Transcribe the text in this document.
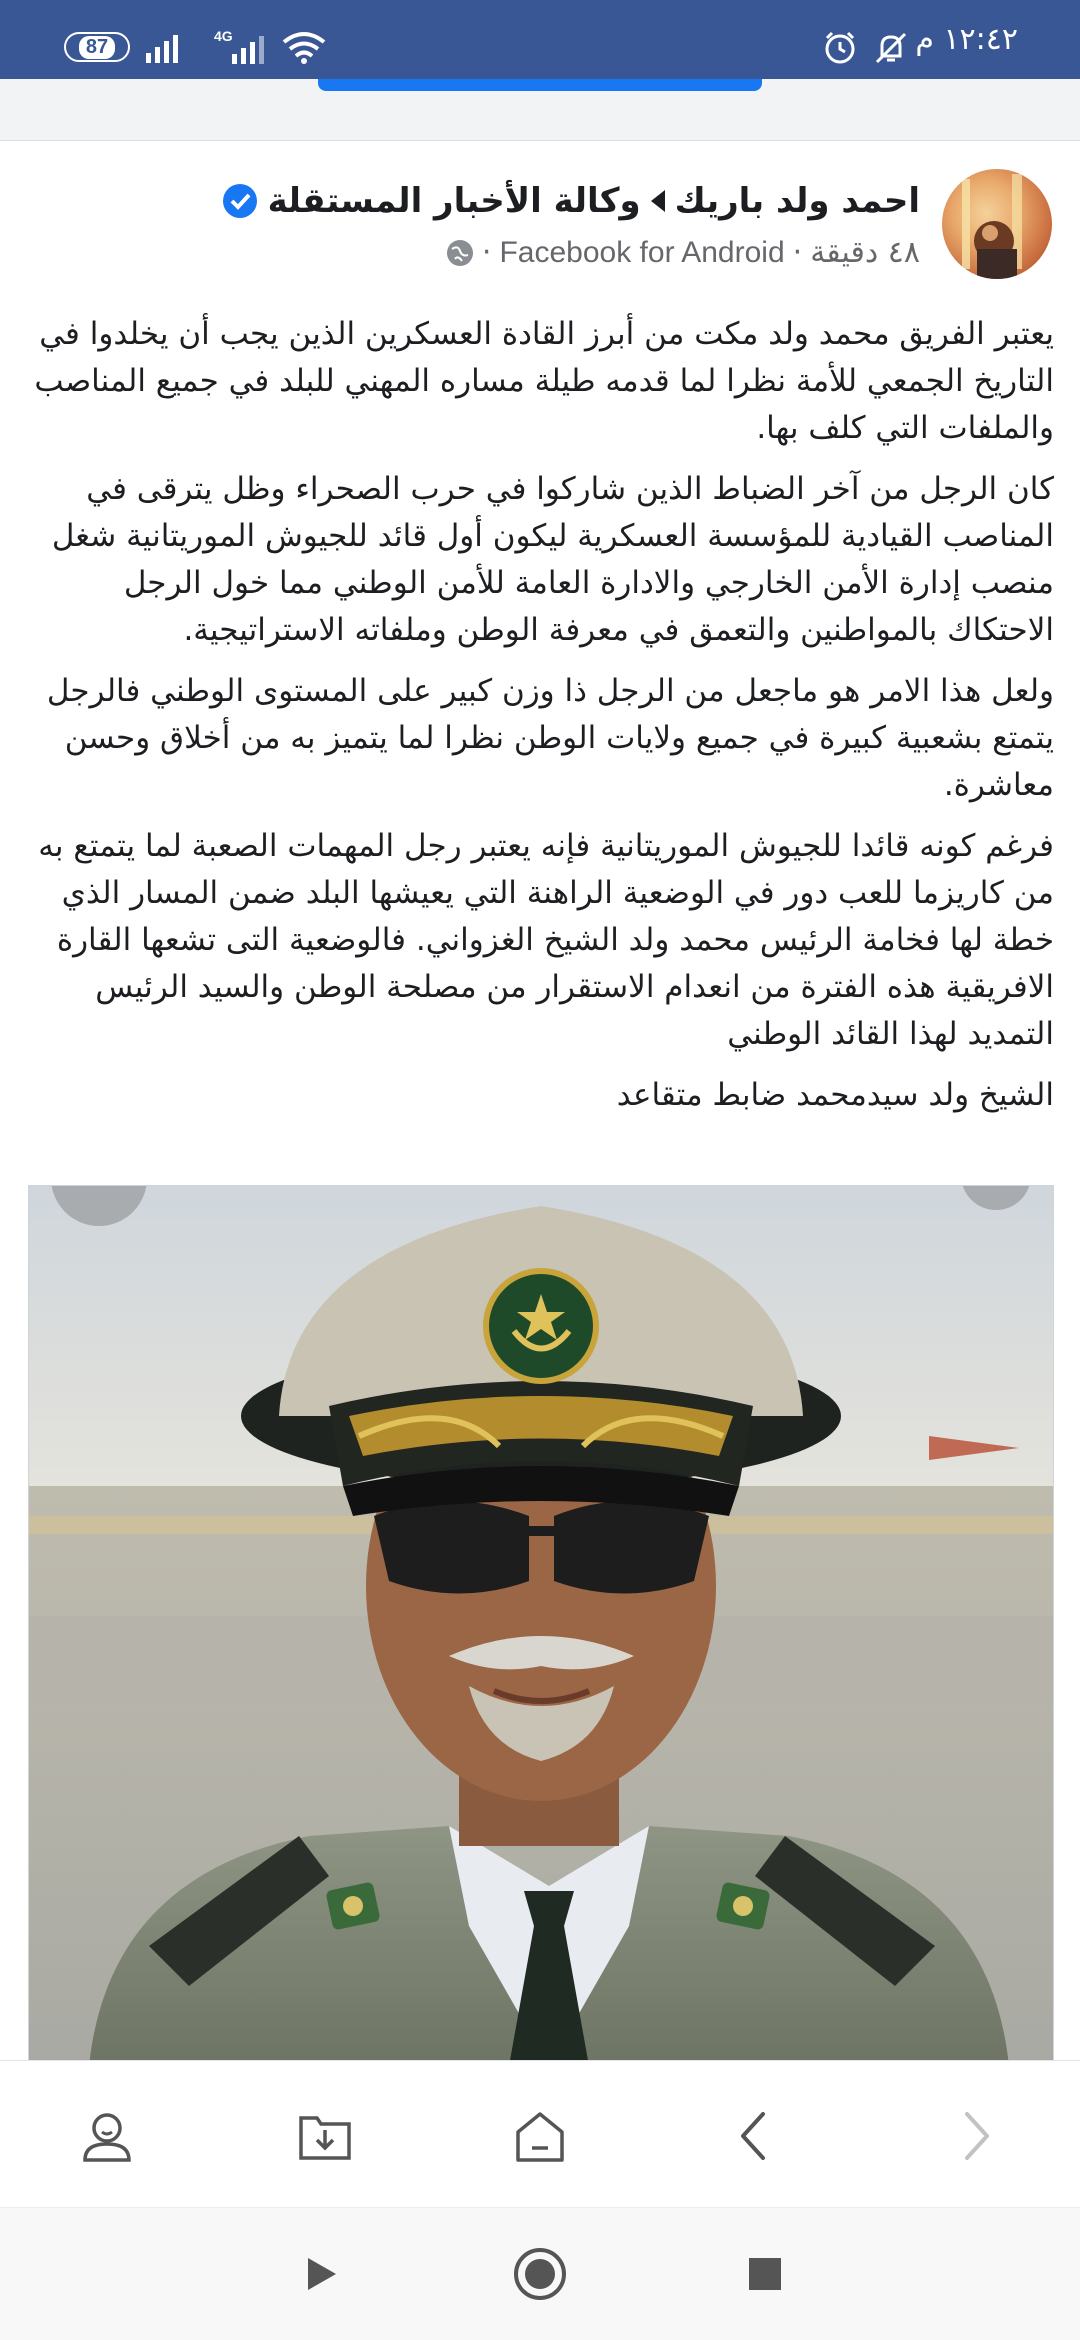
87	4G	١٢:٤٢ م
احمد ولد باريك
وكالة الأخبار المستقلة
٤٨ دقيقة
·
Facebook for Android
·

يعتبر الفريق محمد ولد مكت من أبرز القادة العسكرين الذين يجب أن يخلدوا في التاريخ الجمعي للأمة نظرا لما قدمه طيلة مساره المهني للبلد في جميع المناصب والملفات التي كلف بها.

كان الرجل من آخر الضباط الذين شاركوا في حرب الصحراء وظل يترقى في المناصب القيادية للمؤسسة العسكرية ليكون أول قائد للجيوش الموريتانية شغل منصب إدارة الأمن الخارجي والادارة العامة للأمن الوطني مما خول الرجل الاحتكاك بالمواطنين والتعمق في معرفة الوطن وملفاته الاستراتيجية.

ولعل هذا الامر هو ماجعل من الرجل ذا وزن كبير على المستوى الوطني فالرجل يتمتع بشعبية كبيرة في جميع ولايات الوطن نظرا لما يتميز به من أخلاق وحسن معاشرة.

فرغم كونه قائدا للجيوش الموريتانية فإنه يعتبر رجل المهمات الصعبة لما يتمتع به من كاريزما للعب دور في الوضعية الراهنة التي يعيشها البلد ضمن المسار الذي خطة لها فخامة الرئيس محمد ولد الشيخ الغزواني. فالوضعية التى تشعها القارة الافريقية هذه الفترة من انعدام الاستقرار من مصلحة الوطن والسيد الرئيس التمديد لهذا القائد الوطني

الشيخ ولد سيدمحمد ضابط متقاعد
